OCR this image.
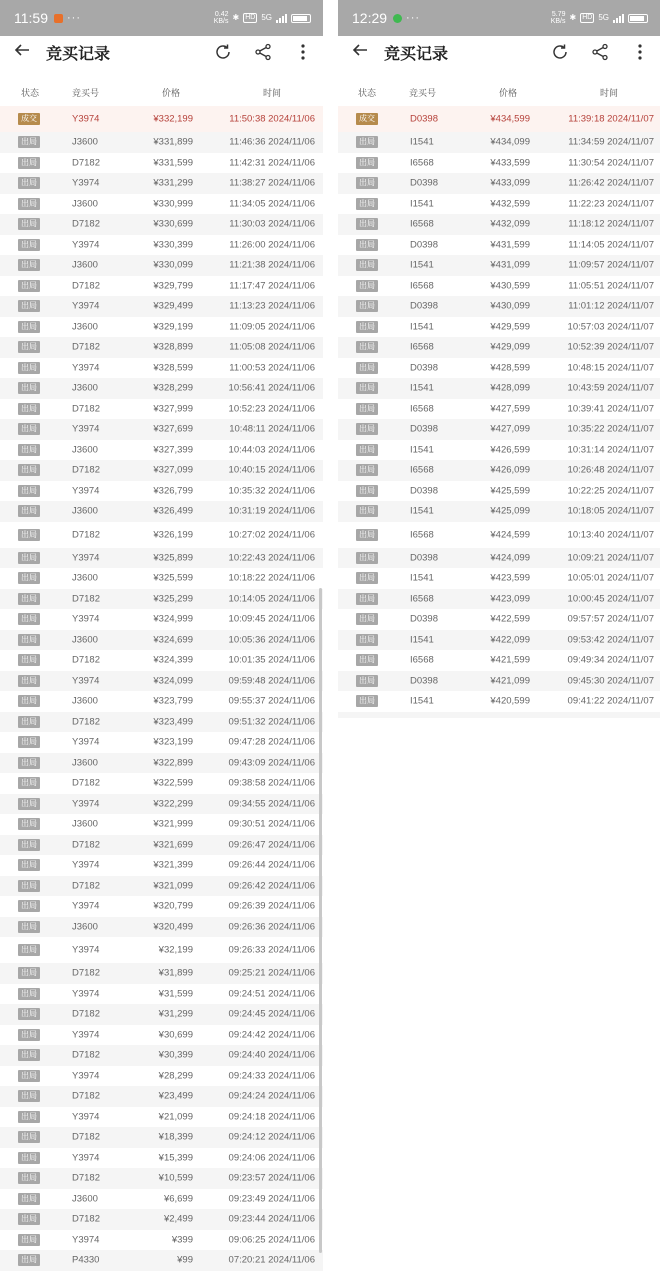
11:59 ···	0.42
KB/s ✱ HD 5G
竞买记录
状态	竞买号	价格	时间
成交	Y3974	¥332,199	11:50:38 2024/11/06
出局	J3600	¥331,899	11:46:36 2024/11/06
出局	D7182	¥331,599	11:42:31 2024/11/06
出局	Y3974	¥331,299	11:38:27 2024/11/06
出局	J3600	¥330,999	11:34:05 2024/11/06
出局	D7182	¥330,699	11:30:03 2024/11/06
出局	Y3974	¥330,399	11:26:00 2024/11/06
出局	J3600	¥330,099	11:21:38 2024/11/06
出局	D7182	¥329,799	11:17:47 2024/11/06
出局	Y3974	¥329,499	11:13:23 2024/11/06
出局	J3600	¥329,199	11:09:05 2024/11/06
出局	D7182	¥328,899	11:05:08 2024/11/06
出局	Y3974	¥328,599	11:00:53 2024/11/06
出局	J3600	¥328,299	10:56:41 2024/11/06
出局	D7182	¥327,999	10:52:23 2024/11/06
出局	Y3974	¥327,699	10:48:11 2024/11/06
出局	J3600	¥327,399	10:44:03 2024/11/06
出局	D7182	¥327,099	10:40:15 2024/11/06
出局	Y3974	¥326,799	10:35:32 2024/11/06
出局	J3600	¥326,499	10:31:19 2024/11/06
出局	D7182	¥326,199	10:27:02 2024/11/06
出局	Y3974	¥325,899	10:22:43 2024/11/06
出局	J3600	¥325,599	10:18:22 2024/11/06
出局	D7182	¥325,299	10:14:05 2024/11/06
出局	Y3974	¥324,999	10:09:45 2024/11/06
出局	J3600	¥324,699	10:05:36 2024/11/06
出局	D7182	¥324,399	10:01:35 2024/11/06
出局	Y3974	¥324,099	09:59:48 2024/11/06
出局	J3600	¥323,799	09:55:37 2024/11/06
出局	D7182	¥323,499	09:51:32 2024/11/06
出局	Y3974	¥323,199	09:47:28 2024/11/06
出局	J3600	¥322,899	09:43:09 2024/11/06
出局	D7182	¥322,599	09:38:58 2024/11/06
出局	Y3974	¥322,299	09:34:55 2024/11/06
出局	J3600	¥321,999	09:30:51 2024/11/06
出局	D7182	¥321,699	09:26:47 2024/11/06
出局	Y3974	¥321,399	09:26:44 2024/11/06
出局	D7182	¥321,099	09:26:42 2024/11/06
出局	Y3974	¥320,799	09:26:39 2024/11/06
出局	J3600	¥320,499	09:26:36 2024/11/06
出局	Y3974	¥32,199	09:26:33 2024/11/06
出局	D7182	¥31,899	09:25:21 2024/11/06
出局	Y3974	¥31,599	09:24:51 2024/11/06
出局	D7182	¥31,299	09:24:45 2024/11/06
出局	Y3974	¥30,699	09:24:42 2024/11/06
出局	D7182	¥30,399	09:24:40 2024/11/06
出局	Y3974	¥28,299	09:24:33 2024/11/06
出局	D7182	¥23,499	09:24:24 2024/11/06
出局	Y3974	¥21,099	09:24:18 2024/11/06
出局	D7182	¥18,399	09:24:12 2024/11/06
出局	Y3974	¥15,399	09:24:06 2024/11/06
出局	D7182	¥10,599	09:23:57 2024/11/06
出局	J3600	¥6,699	09:23:49 2024/11/06
出局	D7182	¥2,499	09:23:44 2024/11/06
出局	Y3974	¥399	09:06:25 2024/11/06
出局	P4330	¥99	07:20:21 2024/11/06
12:29 ···	5.79
KB/s ✱ HD 5G
竞买记录
状态	竞买号	价格	时间
成交	D0398	¥434,599	11:39:18 2024/11/07
出局	I1541	¥434,099	11:34:59 2024/11/07
出局	I6568	¥433,599	11:30:54 2024/11/07
出局	D0398	¥433,099	11:26:42 2024/11/07
出局	I1541	¥432,599	11:22:23 2024/11/07
出局	I6568	¥432,099	11:18:12 2024/11/07
出局	D0398	¥431,599	11:14:05 2024/11/07
出局	I1541	¥431,099	11:09:57 2024/11/07
出局	I6568	¥430,599	11:05:51 2024/11/07
出局	D0398	¥430,099	11:01:12 2024/11/07
出局	I1541	¥429,599	10:57:03 2024/11/07
出局	I6568	¥429,099	10:52:39 2024/11/07
出局	D0398	¥428,599	10:48:15 2024/11/07
出局	I1541	¥428,099	10:43:59 2024/11/07
出局	I6568	¥427,599	10:39:41 2024/11/07
出局	D0398	¥427,099	10:35:22 2024/11/07
出局	I1541	¥426,599	10:31:14 2024/11/07
出局	I6568	¥426,099	10:26:48 2024/11/07
出局	D0398	¥425,599	10:22:25 2024/11/07
出局	I1541	¥425,099	10:18:05 2024/11/07
出局	I6568	¥424,599	10:13:40 2024/11/07
出局	D0398	¥424,099	10:09:21 2024/11/07
出局	I1541	¥423,599	10:05:01 2024/11/07
出局	I6568	¥423,099	10:00:45 2024/11/07
出局	D0398	¥422,599	09:57:57 2024/11/07
出局	I1541	¥422,099	09:53:42 2024/11/07
出局	I6568	¥421,599	09:49:34 2024/11/07
出局	D0398	¥421,099	09:45:30 2024/11/07
出局	I1541	¥420,599	09:41:22 2024/11/07
